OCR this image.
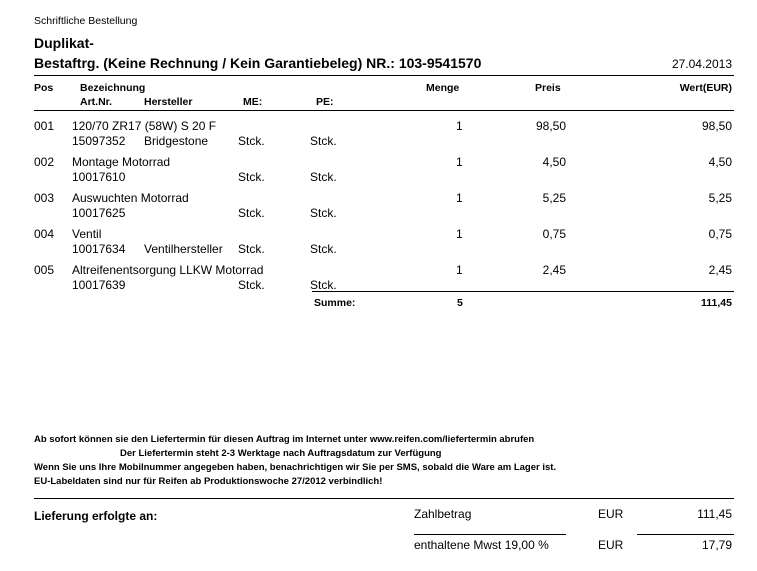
Schriftliche Bestellung
Duplikat-
Bestaftrg. (Keine Rechnung / Kein Garantiebeleg) NR.: 103-9541570	27.04.2013
Pos	Bezeichnung	Menge	Preis	Wert(EUR)
Art.Nr.	Hersteller	ME:	PE:
001 120/70 ZR17 (58W) S 20 F	1	98,50	98,50
15097352 Bridgestone Stck.	Stck.
002 Montage Motorrad	1	4,50	4,50
10017610	Stck.	Stck.
003 Auswuchten Motorrad	1	5,25	5,25
10017625	Stck.	Stck.
004 Ventil	1	0,75	0,75
10017634 Ventilhersteller Stck.	Stck.
005 Altreifenentsorgung LLKW Motorrad	1	2,45	2,45
10017639	Stck.	Stck.
Summe:	5	111,45
Ab sofort können sie den Liefertermin für diesen Auftrag im Internet unter www.reifen.com/liefertermin abrufen
Der Liefertermin steht 2-3 Werktage nach Auftragsdatum zur Verfügung
Wenn Sie uns Ihre Mobilnummer angegeben haben, benachrichtigen wir Sie per SMS, sobald die Ware am Lager ist.
EU-Labeldaten sind nur für Reifen ab Produktionswoche 27/2012 verbindlich!
Lieferung erfolgte an:	Zahlbetrag	EUR	111,45
enthaltene Mwst 19,00 %	EUR	17,79
